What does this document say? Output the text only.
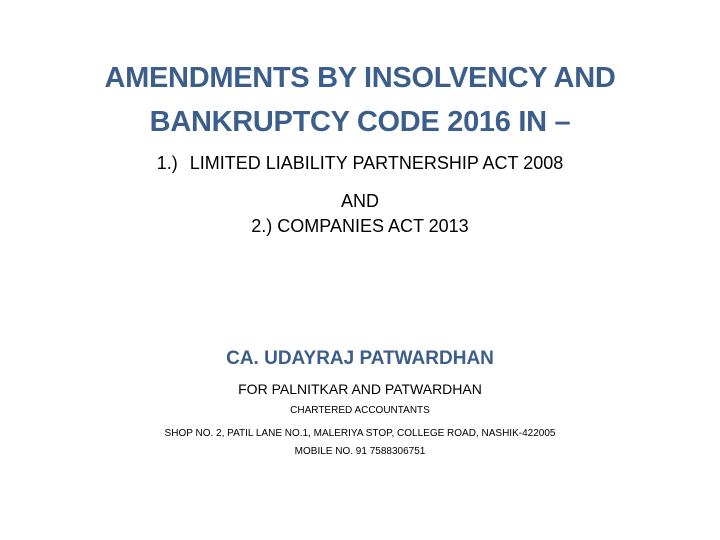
AMENDMENTS BY INSOLVENCY AND
BANKRUPTCY CODE 2016 IN –
1.) LIMITED LIABILITY PARTNERSHIP ACT 2008
AND
2.) COMPANIES ACT 2013
CA. UDAYRAJ PATWARDHAN
FOR PALNITKAR AND PATWARDHAN
CHARTERED ACCOUNTANTS
SHOP NO. 2, PATIL LANE NO.1, MALERIYA STOP, COLLEGE ROAD, NASHIK-422005
MOBILE NO. 91 7588306751
